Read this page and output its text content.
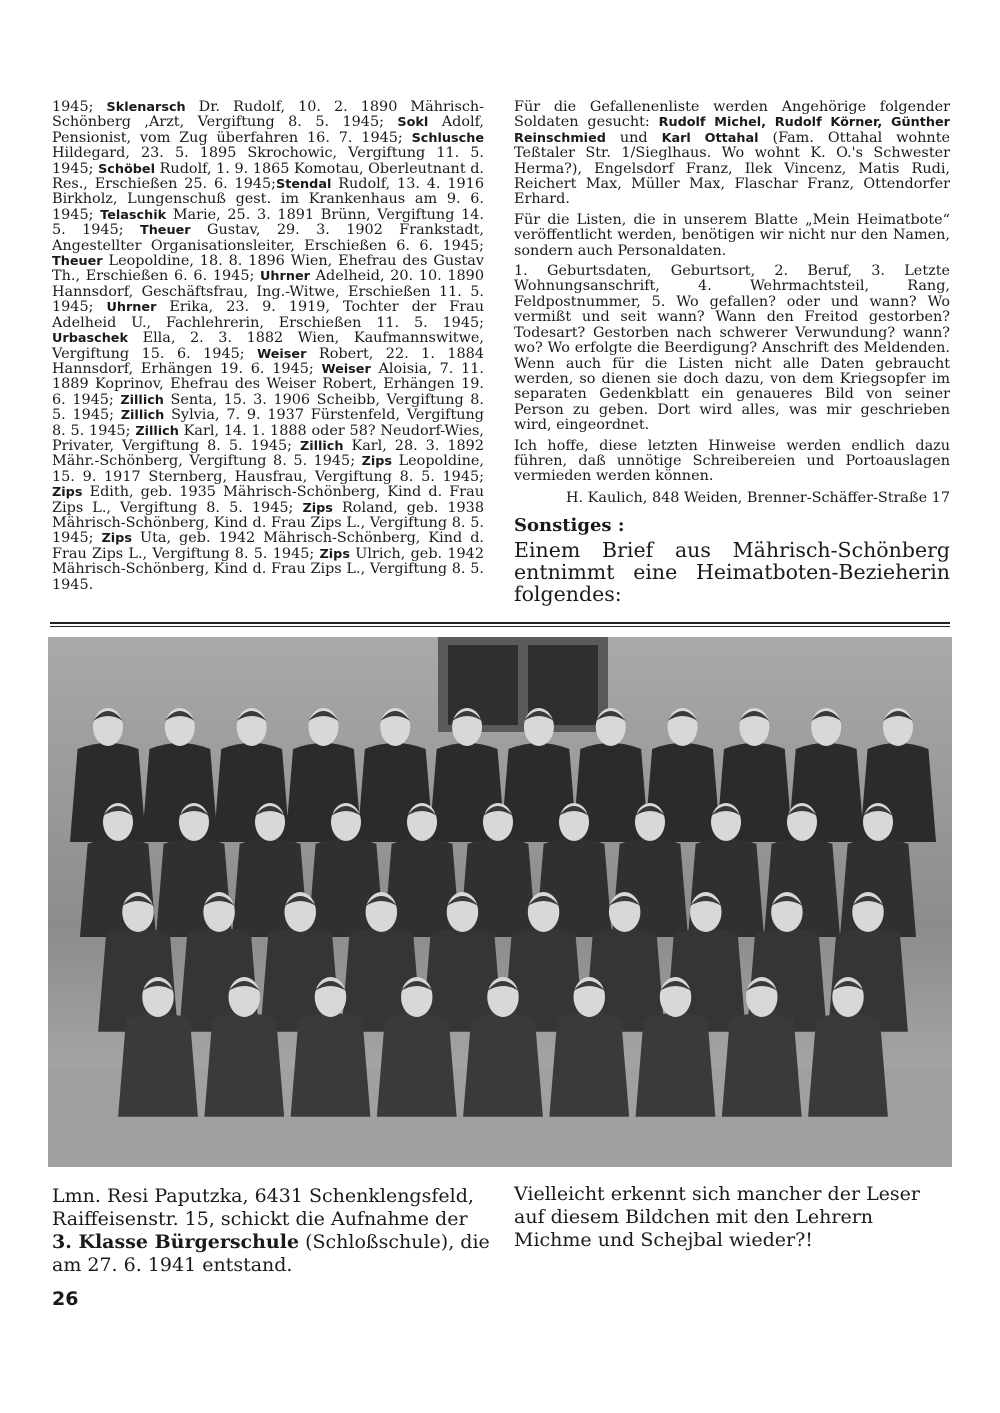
1945; Sklenarsch Dr. Rudolf, 10. 2. 1890 Mährisch-Schönberg ,Arzt, Vergiftung 8. 5. 1945; Sokl Adolf, Pensionist, vom Zug überfahren 16. 7. 1945; Schlusche Hildegard, 23. 5. 1895 Skrochowic, Vergiftung 11. 5. 1945; Schöbel Rudolf, 1. 9. 1865 Komotau, Oberleutnant d. Res., Erschießen 25. 6. 1945;Stendal Rudolf, 13. 4. 1916 Birkholz, Lungenschuß gest. im Krankenhaus am 9. 6. 1945; Telaschik Marie, 25. 3. 1891 Brünn, Vergiftung 14. 5. 1945; Theuer Gustav, 29. 3. 1902 Frankstadt, Angestellter Organisationsleiter, Erschießen 6. 6. 1945; Theuer Leopoldine, 18. 8. 1896 Wien, Ehefrau des Gustav Th., Erschießen 6. 6. 1945; Uhrner Adelheid, 20. 10. 1890 Hannsdorf, Geschäftsfrau, Ing.-Witwe, Erschießen 11. 5. 1945; Uhrner Erika, 23. 9. 1919, Tochter der Frau Adelheid U., Fachlehrerin, Erschießen 11. 5. 1945; Urbaschek Ella, 2. 3. 1882 Wien, Kaufmannswitwe, Vergiftung 15. 6. 1945; Weiser Robert, 22. 1. 1884 Hannsdorf, Erhängen 19. 6. 1945; Weiser Aloisia, 7. 11. 1889 Koprinov, Ehefrau des Weiser Robert, Erhängen 19. 6. 1945; Zillich Senta, 15. 3. 1906 Scheibb, Vergiftung 8. 5. 1945; Zillich Sylvia, 7. 9. 1937 Fürstenfeld, Vergiftung 8. 5. 1945; Zillich Karl, 14. 1. 1888 oder 58? Neudorf-Wies, Privater, Vergiftung 8. 5. 1945; Zillich Karl, 28. 3. 1892 Mähr.-Schönberg, Vergiftung 8. 5. 1945; Zips Leopoldine, 15. 9. 1917 Sternberg, Hausfrau, Vergiftung 8. 5. 1945; Zips Edith, geb. 1935 Mährisch-Schönberg, Kind d. Frau Zips L., Vergiftung 8. 5. 1945; Zips Roland, geb. 1938 Mährisch-Schönberg, Kind d. Frau Zips L., Vergiftung 8. 5. 1945; Zips Uta, geb. 1942 Mährisch-Schönberg, Kind d. Frau Zips L., Vergiftung 8. 5. 1945; Zips Ulrich, geb. 1942 Mährisch-Schönberg, Kind d. Frau Zips L., Vergiftung 8. 5. 1945.

Für die Gefallenenliste werden Angehörige folgender Soldaten gesucht: Rudolf Michel, Rudolf Körner, Günther Reinschmied und Karl Ottahal (Fam. Ottahal wohnte Teßtaler Str. 1/Sieglhaus. Wo wohnt K. O.'s Schwester Herma?), Engelsdorf Franz, Ilek Vincenz, Matis Rudi, Reichert Max, Müller Max, Flaschar Franz, Ottendorfer Erhard.

Für die Listen, die in unserem Blatte „Mein Heimatbote“ veröffentlicht werden, benötigen wir nicht nur den Namen, sondern auch Personaldaten.

1. Geburtsdaten, Geburtsort, 2. Beruf, 3. Letzte Wohnungsanschrift, 4. Wehrmachtsteil, Rang, Feldpostnummer, 5. Wo gefallen? oder und wann? Wo vermißt und seit wann? Wann den Freitod gestorben? Todesart? Gestorben nach schwerer Verwundung? wann? wo? Wo erfolgte die Beerdigung? Anschrift des Meldenden. Wenn auch für die Listen nicht alle Daten gebraucht werden, so dienen sie doch dazu, von dem Kriegsopfer im separaten Gedenkblatt ein genaueres Bild von seiner Person zu geben. Dort wird alles, was mir geschrieben wird, eingeordnet.

Ich hoffe, diese letzten Hinweise werden endlich dazu führen, daß unnötige Schreibereien und Portoauslagen vermieden werden können.

H. Kaulich, 848 Weiden, Brenner-Schäffer-Straße 17

Sonstiges :

Einem Brief aus Mährisch-Schönberg entnimmt eine Heimatboten-Bezieherin folgendes:

Lmn. Resi Paputzka, 6431 Schenklengsfeld, Raiffeisenstr. 15, schickt die Aufnahme der 3. Klasse Bürgerschule (Schloßschule), die am 27. 6. 1941 entstand.
Vielleicht erkennt sich mancher der Leser auf diesem Bildchen mit den Lehrern Michme und Schejbal wieder?!
26
